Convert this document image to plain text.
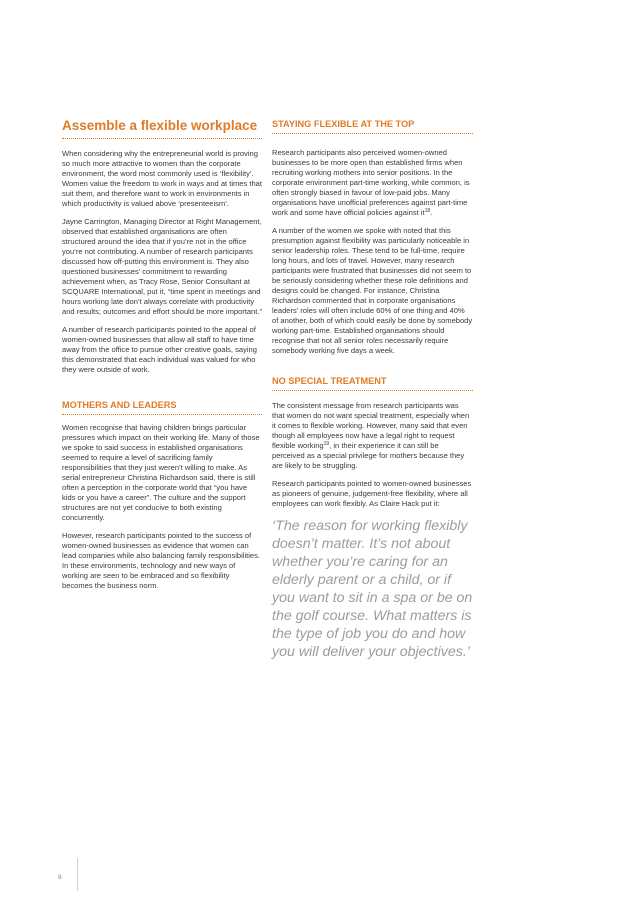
Assemble a flexible workplace

When considering why the entrepreneurial world is proving so much more attractive to women than the corporate environment, the word most commonly used is ‘flexibility’. Women value the freedom to work in ways and at times that suit them, and therefore want to work in environments in which productivity is valued above ‘presenteeism’.

Jayne Carrington, Managing Director at Right Management, observed that established organisations are often structured around the idea that if you’re not in the office you’re not contributing. A number of research participants discussed how off-putting this environment is. They also questioned businesses’ commitment to rewarding achievement when, as Tracy Rose, Senior Consultant at SCQUARE International, put it, “time spent in meetings and hours working late don’t always correlate with productivity and results; outcomes and effort should be more important.”

A number of research participants pointed to the appeal of women-owned businesses that allow all staff to have time away from the office to pursue other creative goals, saying this demonstrated that each individual was valued for who they were outside of work.

MOTHERS AND LEADERS

Women recognise that having children brings particular pressures which impact on their working life. Many of those we spoke to said success in established organisations seemed to require a level of sacrificing family responsibilities that they just weren’t willing to make. As serial entrepreneur Christina Richardson said, there is still often a perception in the corporate world that “you have kids or you have a career”. The culture and the support structures are not yet conducive to both existing concurrently.

However, research participants pointed to the success of women-owned businesses as evidence that women can lead companies while also balancing family responsibilities. In these environments, technology and new ways of working are seen to be embraced and so flexibility becomes the business norm.

STAYING FLEXIBLE AT THE TOP

Research participants also perceived women-owned businesses to be more open than established firms when recruiting working mothers into senior positions. In the corporate environment part-time working, while common, is often strongly biased in favour of low-paid jobs. Many organisations have unofficial preferences against part-time work and some have official policies against $it^{18}$.

A number of the women we spoke with noted that this presumption against flexibility was particularly noticeable in senior leadership roles. These tend to be full-time, require long hours, and lots of travel. However, many research participants were frustrated that businesses did not seem to be seriously considering whether these role definitions and designs could be changed. For instance, Christina Richardson commented that in corporate organisations leaders’ roles will often include 60% of one thing and 40% of another, both of which could easily be done by somebody working part-time. Established organisations should recognise that not all senior roles necessarily require somebody working five days a week.

NO SPECIAL TREATMENT

The consistent message from research participants was that women do not want special treatment, especially when it comes to flexible working. However, many said that even though all employees now have a legal right to request flexible working$^{19}$, in their experience it can still be perceived as a special privilege for mothers because they are likely to be struggling.

Research participants pointed to women-owned businesses as pioneers of genuine, judgement-free flexibility, where all employees can work flexibly. As Claire Hack put it:

‘The reason for working flexibly doesn’t matter. It’s not about whether you’re caring for an elderly parent or a child, or if you want to sit in a spa or be on the golf course. What matters is the type of job you do and how you will deliver your objectives.’

8
